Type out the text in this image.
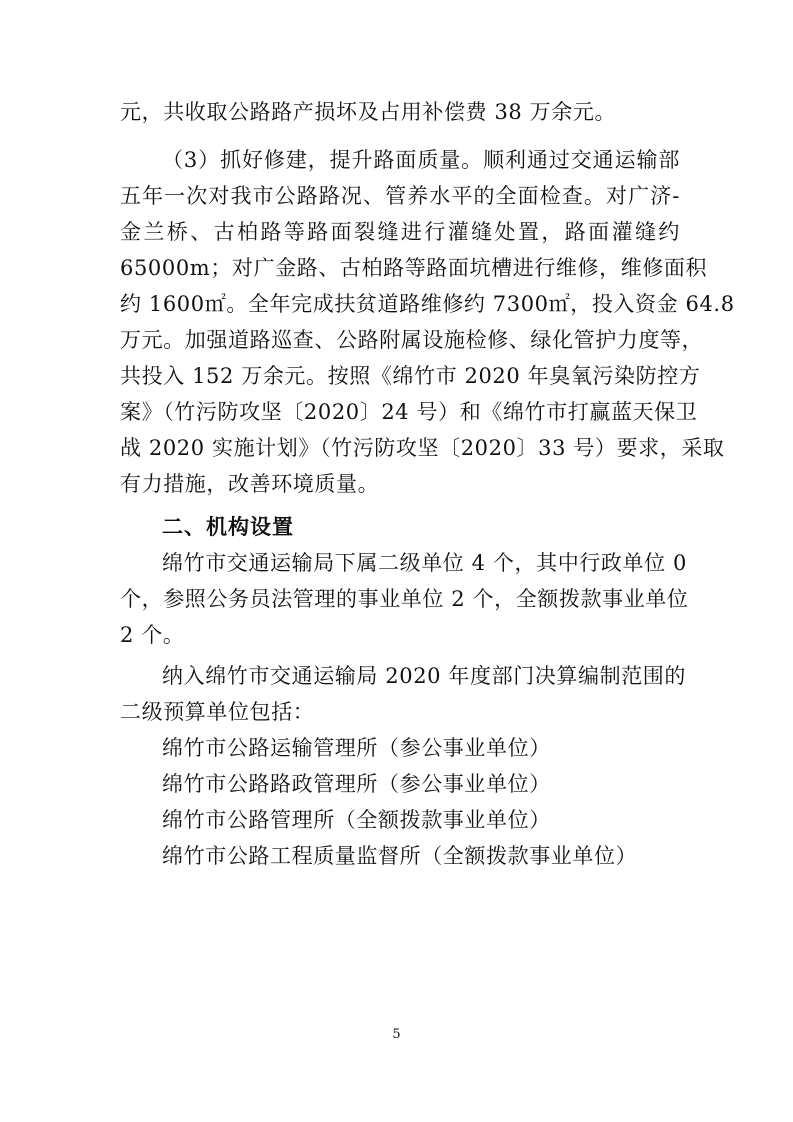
元，共收取公路路产损坏及占用补偿费 38 万余元。
（3）抓好修建，提升路面质量。顺利通过交通运输部
五年一次对我市公路路况、管养水平的全面检查。对广济-
金兰桥、古柏路等路面裂缝进行灌缝处置，路面灌缝约
65000m；对广金路、古柏路等路面坑槽进行维修，维修面积
约 1600㎡。全年完成扶贫道路维修约 7300㎡，投入资金 64.8
万元。加强道路巡查、公路附属设施检修、绿化管护力度等，
共投入 152 万余元。按照《绵竹市 2020 年臭氧污染防控方
案》（竹污防攻坚〔2020〕24 号）和《绵竹市打赢蓝天保卫
战 2020 实施计划》（竹污防攻坚〔2020〕33 号）要求，采取
有力措施，改善环境质量。
二、机构设置
绵竹市交通运输局下属二级单位 4 个，其中行政单位 0
个，参照公务员法管理的事业单位 2 个，全额拨款事业单位
2 个。
纳入绵竹市交通运输局 2020 年度部门决算编制范围的
二级预算单位包括：
绵竹市公路运输管理所（参公事业单位）
绵竹市公路路政管理所（参公事业单位）
绵竹市公路管理所（全额拨款事业单位）
绵竹市公路工程质量监督所（全额拨款事业单位）
5
